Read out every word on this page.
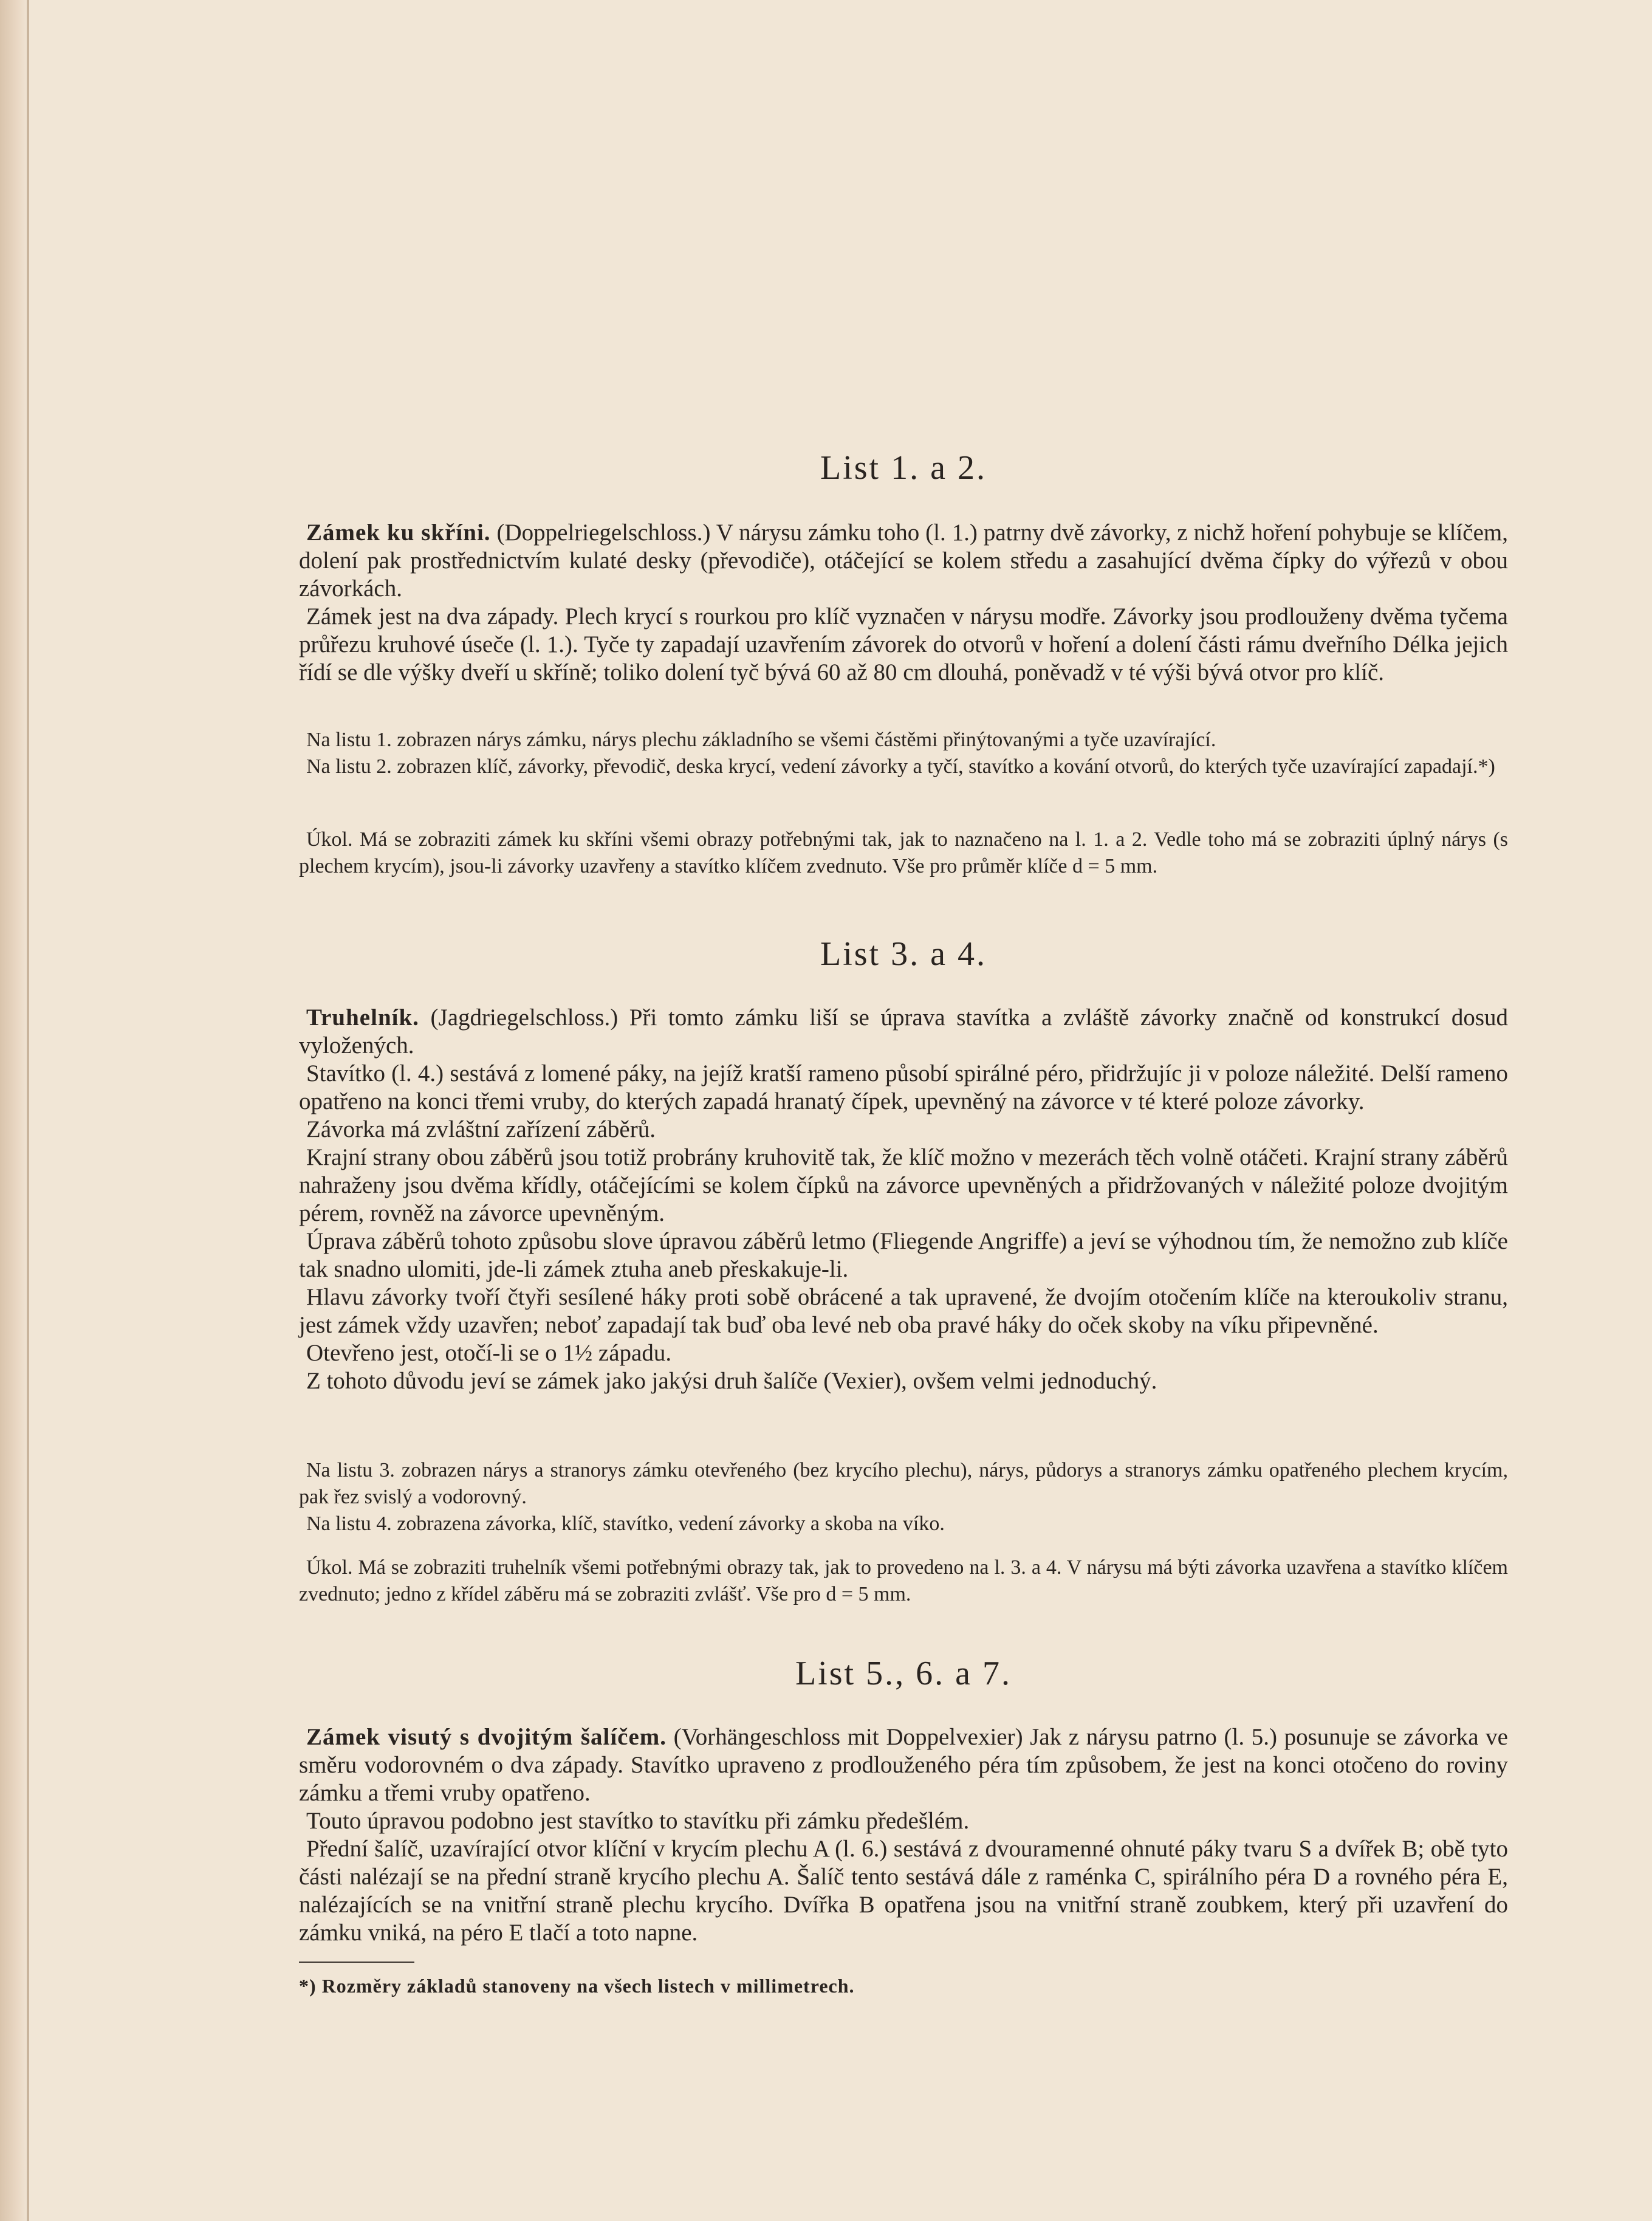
List 1. a 2.

Zámek ku skříni. (Doppelriegelschloss.) V nárysu zámku toho (l. 1.) patrny dvě závorky, z nichž hoření pohybuje se klíčem, dolení pak prostřednictvím kulaté desky (převodiče), otáčející se kolem středu a zasahující dvěma čípky do výřezů v obou závorkách.

Zámek jest na dva západy. Plech krycí s rourkou pro klíč vyznačen v nárysu modře. Závorky jsou prodlouženy dvěma tyčema průřezu kruhové úseče (l. 1.). Tyče ty zapadají uzavřením závorek do otvorů v hoření a dolení části rámu dveřního Délka jejich řídí se dle výšky dveří u skříně; toliko dolení tyč bývá 60 až 80 cm dlouhá, poněvadž v té výši bývá otvor pro klíč.

Na listu 1. zobrazen nárys zámku, nárys plechu základního se všemi částěmi přinýtovanými a tyče uzavírající.

Na listu 2. zobrazen klíč, závorky, převodič, deska krycí, vedení závorky a tyčí, stavítko a kování otvorů, do kterých tyče uzavírající zapadají.*)

Úkol. Má se zobraziti zámek ku skříni všemi obrazy potřebnými tak, jak to naznačeno na l. 1. a 2. Vedle toho má se zobraziti úplný nárys (s plechem krycím), jsou-li závorky uzavřeny a stavítko klíčem zvednuto. Vše pro průměr klíče d = 5 mm.

List 3. a 4.

Truhelník. (Jagdriegelschloss.) Při tomto zámku liší se úprava stavítka a zvláště závorky značně od konstrukcí dosud vyložených.

Stavítko (l. 4.) sestává z lomené páky, na jejíž kratší rameno působí spirálné péro, přidržujíc ji v poloze náležité. Delší rameno opatřeno na konci třemi vruby, do kterých zapadá hranatý čípek, upevněný na závorce v té které poloze závorky.

Závorka má zvláštní zařízení záběrů.

Krajní strany obou záběrů jsou totiž probrány kruhovitě tak, že klíč možno v mezerách těch volně otáčeti. Krajní strany záběrů nahraženy jsou dvěma křídly, otáčejícími se kolem čípků na závorce upevněných a přidržovaných v náležité poloze dvojitým pérem, rovněž na závorce upevněným.

Úprava záběrů tohoto způsobu slove úpravou záběrů letmo (Fliegende Angriffe) a jeví se výhodnou tím, že nemožno zub klíče tak snadno ulomiti, jde-li zámek ztuha aneb přeskakuje-li.

Hlavu závorky tvoří čtyři sesílené háky proti sobě obrácené a tak upravené, že dvojím otočením klíče na kteroukoliv stranu, jest zámek vždy uzavřen; neboť zapadají tak buď oba levé neb oba pravé háky do oček skoby na víku připevněné.

Otevřeno jest, otočí-li se o 1½ západu.

Z tohoto důvodu jeví se zámek jako jakýsi druh šalíče (Vexier), ovšem velmi jednoduchý.

Na listu 3. zobrazen nárys a stranorys zámku otevřeného (bez krycího plechu), nárys, půdorys a stranorys zámku opatřeného plechem krycím, pak řez svislý a vodorovný.

Na listu 4. zobrazena závorka, klíč, stavítko, vedení závorky a skoba na víko.

Úkol. Má se zobraziti truhelník všemi potřebnými obrazy tak, jak to provedeno na l. 3. a 4. V nárysu má býti závorka uzavřena a stavítko klíčem zvednuto; jedno z křídel záběru má se zobraziti zvlášť. Vše pro d = 5 mm.

List 5., 6. a 7.

Zámek visutý s dvojitým šalíčem. (Vorhängeschloss mit Doppelvexier) Jak z nárysu patrno (l. 5.) posunuje se závorka ve směru vodorovném o dva západy. Stavítko upraveno z prodlouženého péra tím způsobem, že jest na konci otočeno do roviny zámku a třemi vruby opatřeno.

Touto úpravou podobno jest stavítko to stavítku při zámku předešlém.

Přední šalíč, uzavírající otvor klíční v krycím plechu A (l. 6.) sestává z dvouramenné ohnuté páky tvaru S a dvířek B; obě tyto části nalézají se na přední straně krycího plechu A. Šalíč tento sestává dále z raménka C, spirálního péra D a rovného péra E, nalézajících se na vnitřní straně plechu krycího. Dvířka B opatřena jsou na vnitřní straně zoubkem, který při uzavření do zámku vniká, na péro E tlačí a toto napne.

*) Rozměry základů stanoveny na všech listech v millimetrech.
